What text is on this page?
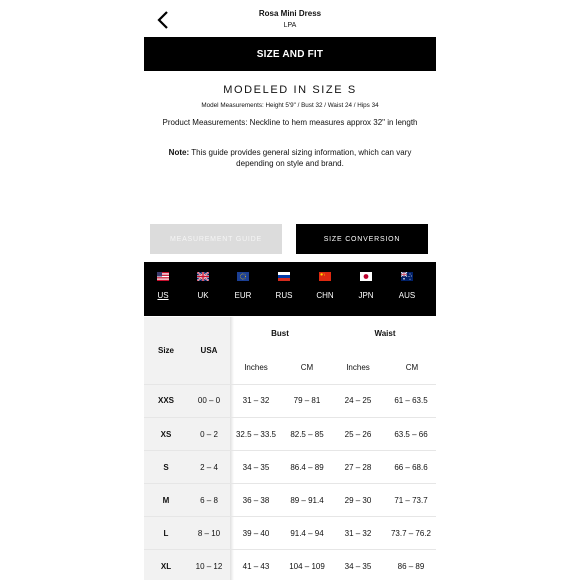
Rosa Mini Dress
LPA
SIZE AND FIT
MODELED IN SIZE S
Model Measurements: Height 5'9" / Bust 32 / Waist 24 / Hips 34
Product Measurements: Neckline to hem measures approx 32" in length
Note: This guide provides general sizing information, which can vary depending on style and brand.
MEASUREMENT GUIDE	SIZE CONVERSION
US	UK	EUR	RUS	CHN	JPN	AUS
Size	USA
Bust	Waist
Inches	CM	Inches	CM
XXS	00 – 0	31 – 32	79 – 81	24 – 25	61 – 63.5
XS	0 – 2	32.5 – 33.5	82.5 – 85	25 – 26	63.5 – 66
S	2 – 4	34 – 35	86.4 – 89	27 – 28	66 – 68.6
M	6 – 8	36 – 38	89 – 91.4	29 – 30	71 – 73.7
L	8 – 10	39 – 40	91.4 – 94	31 – 32	73.7 – 76.2
XL	10 – 12	41 – 43	104 – 109	34 – 35	86 – 89
